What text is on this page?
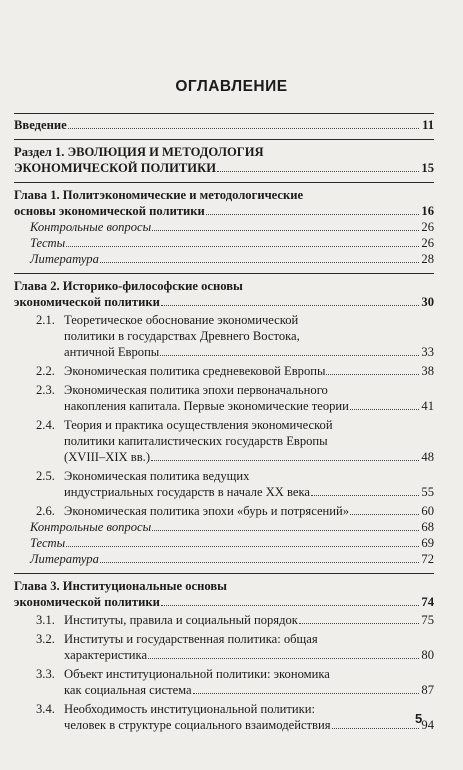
ОГЛАВЛЕНИЕ
Введение	11
Раздел 1. ЭВОЛЮЦИЯ И МЕТОДОЛОГИЯ
ЭКОНОМИЧЕСКОЙ ПОЛИТИКИ	15
Глава 1. Политэкономические и методологические
основы экономической политики	16
Контрольные вопросы	26
Тесты	26
Литература	28
Глава 2. Историко-философские основы
экономической политики	30
2.1. Теоретическое обоснование экономической
политики в государствах Древнего Востока,
античной Европы	33
2.2. Экономическая политика средневековой Европы	38
2.3. Экономическая политика эпохи первоначального
накопления капитала. Первые экономические теории	41
2.4. Теория и практика осуществления экономической
политики капиталистических государств Европы
(XVIII–XIX вв.)	48
2.5. Экономическая политика ведущих
индустриальных государств в начале XX века	55
2.6. Экономическая политика эпохи «бурь и потрясений»	60
Контрольные вопросы	68
Тесты	69
Литература	72
Глава 3. Институциональные основы
экономической политики	74
3.1. Институты, правила и социальный порядок	75
3.2. Институты и государственная политика: общая
характеристика	80
3.3. Объект институциональной политики: экономика
как социальная система	87
3.4. Необходимость институциональной политики:
человек в структуре социального взаимодействия	94
5
